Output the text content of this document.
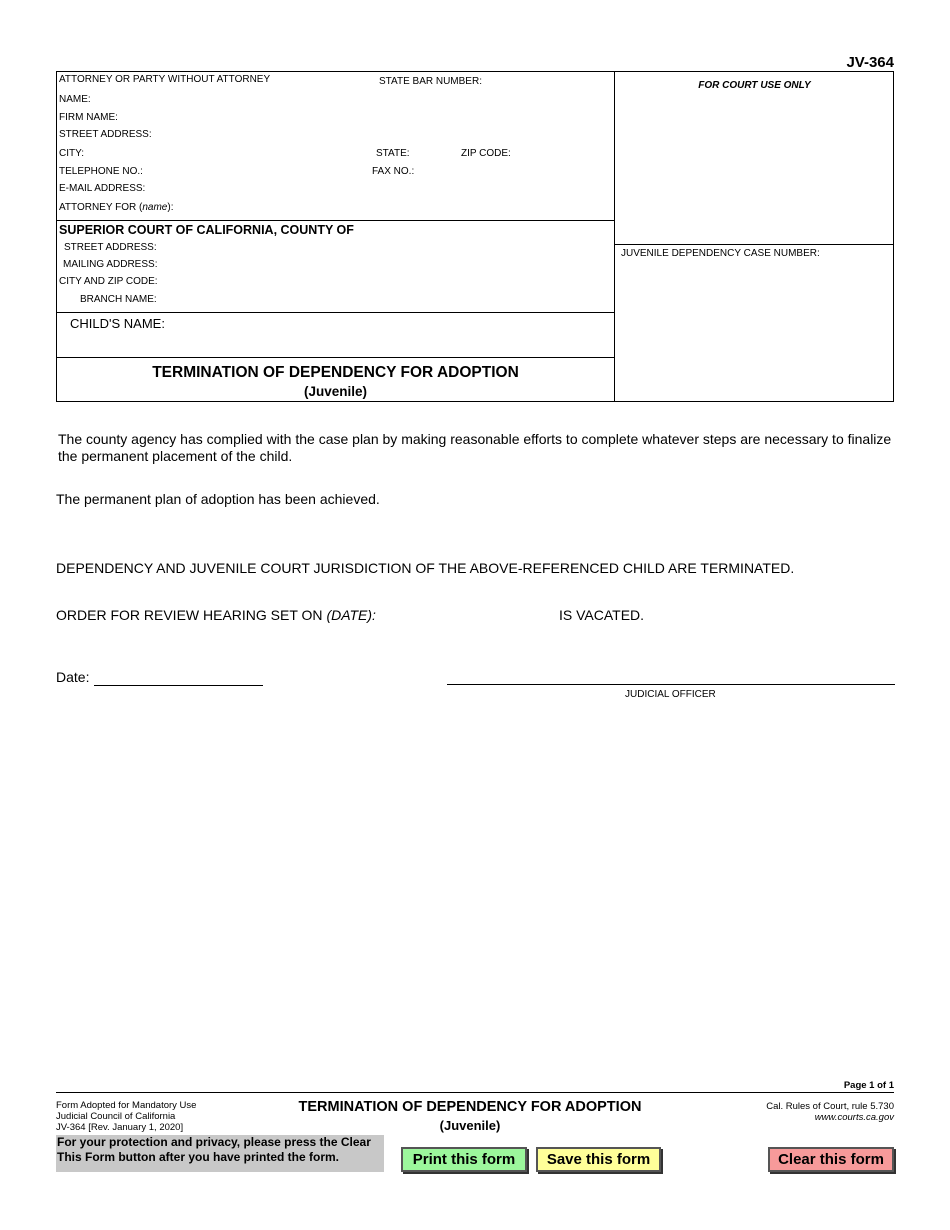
JV-364
ATTORNEY OR PARTY WITHOUT ATTORNEY	STATE BAR NUMBER:
NAME:
FIRM NAME:
STREET ADDRESS:
CITY:	STATE:	ZIP CODE:
TELEPHONE NO.:	FAX NO.:
E-MAIL ADDRESS:
ATTORNEY FOR (name):
SUPERIOR COURT OF CALIFORNIA, COUNTY OF
STREET ADDRESS:
MAILING ADDRESS:
CITY AND ZIP CODE:
BRANCH NAME:
CHILD'S NAME:
TERMINATION OF DEPENDENCY FOR ADOPTION
(Juvenile)
FOR COURT USE ONLY
JUVENILE DEPENDENCY CASE NUMBER:
The county agency has complied with the case plan by making reasonable efforts to complete whatever steps are necessary to finalize the permanent placement of the child.
The permanent plan of adoption has been achieved.
DEPENDENCY AND JUVENILE COURT JURISDICTION OF THE ABOVE-REFERENCED CHILD ARE TERMINATED.
ORDER FOR REVIEW HEARING SET ON (DATE):	IS VACATED.
Date:
JUDICIAL OFFICER
Page 1 of 1
Form Adopted for Mandatory Use
Judicial Council of California
JV-364 [Rev. January 1, 2020]
TERMINATION OF DEPENDENCY FOR ADOPTION
(Juvenile)
Cal. Rules of Court, rule 5.730
www.courts.ca.gov
For your protection and privacy, please press the Clear
This Form button after you have printed the form.	Print this form	Save this form	Clear this form
